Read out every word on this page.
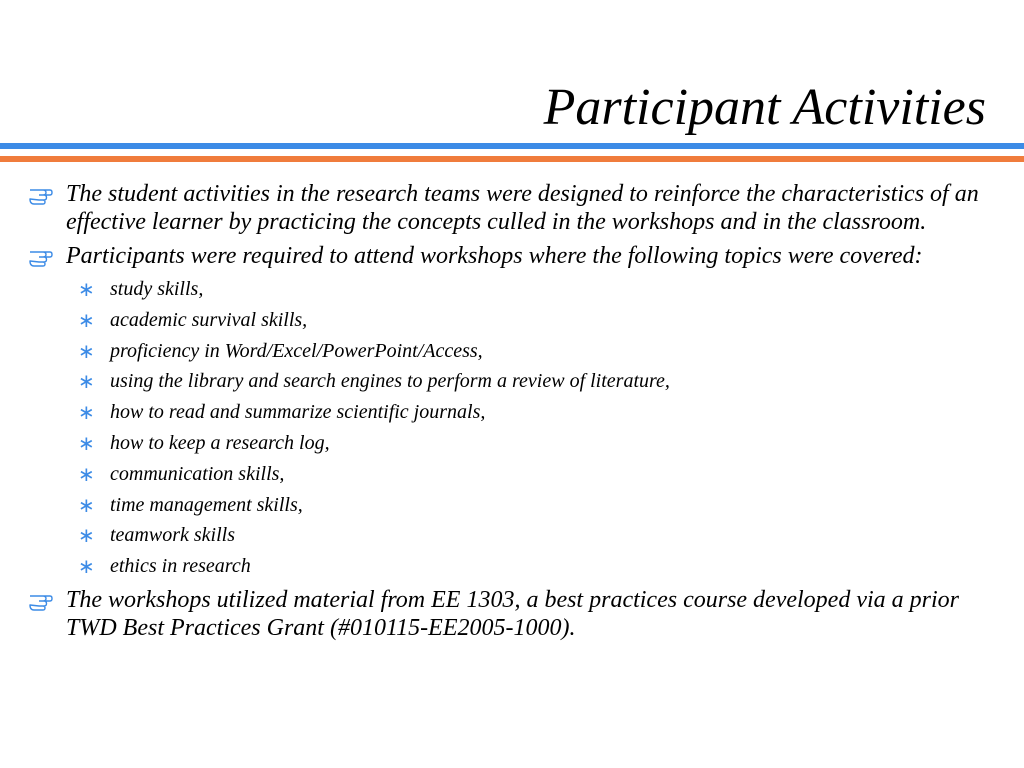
Participant Activities
The student activities in the research teams were designed to reinforce the characteristics of an effective learner by practicing the concepts culled in the workshops and in the classroom.
Participants were required to attend workshops where the following topics were covered:
∗ study skills,
∗ academic survival skills,
∗ proficiency in Word/Excel/PowerPoint/Access,
∗ using the library and search engines to perform a review of literature,
∗ how to read and summarize scientific journals,
∗ how to keep a research log,
∗ communication skills,
∗ time management skills,
∗ teamwork skills
∗ ethics in research
The workshops utilized material from EE 1303, a best practices course developed via a prior TWD Best Practices Grant (#010115-EE2005-1000).
